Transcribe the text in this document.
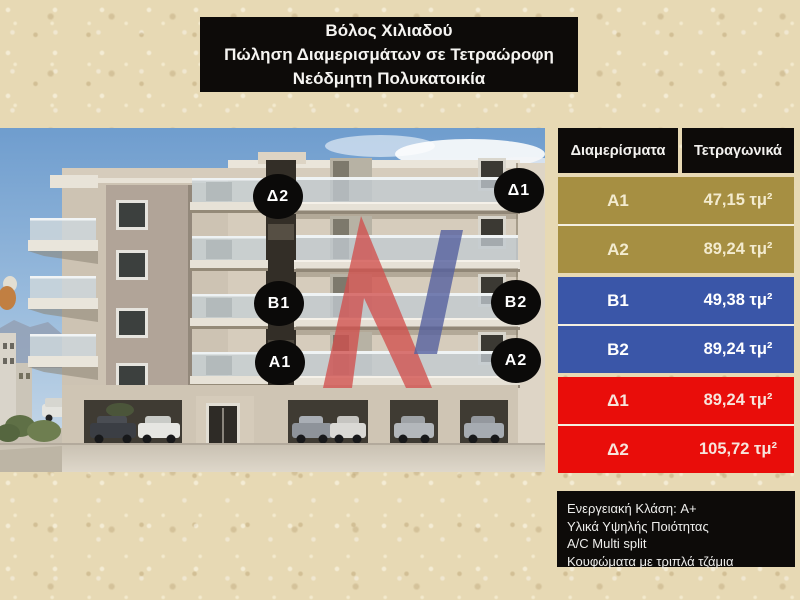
Βόλος Χιλιαδού
Πώληση Διαμερισμάτων σε Τετραώροφη
Νεόδμητη Πολυκατοικία
Δ2	Δ1
B1	B2
A1	A2
Διαμερίσματα	Τετραγωνικά
A1	47,15 τμ²
A2	89,24 τμ²
B1	49,38 τμ²
B2	89,24 τμ²
Δ1	89,24 τμ²
Δ2	105,72 τμ²
Ενεργειακή Κλάση: A+
Υλικά Υψηλής Ποιότητας
A/C Multi split
Κουφώματα με τριπλά τζάμια
